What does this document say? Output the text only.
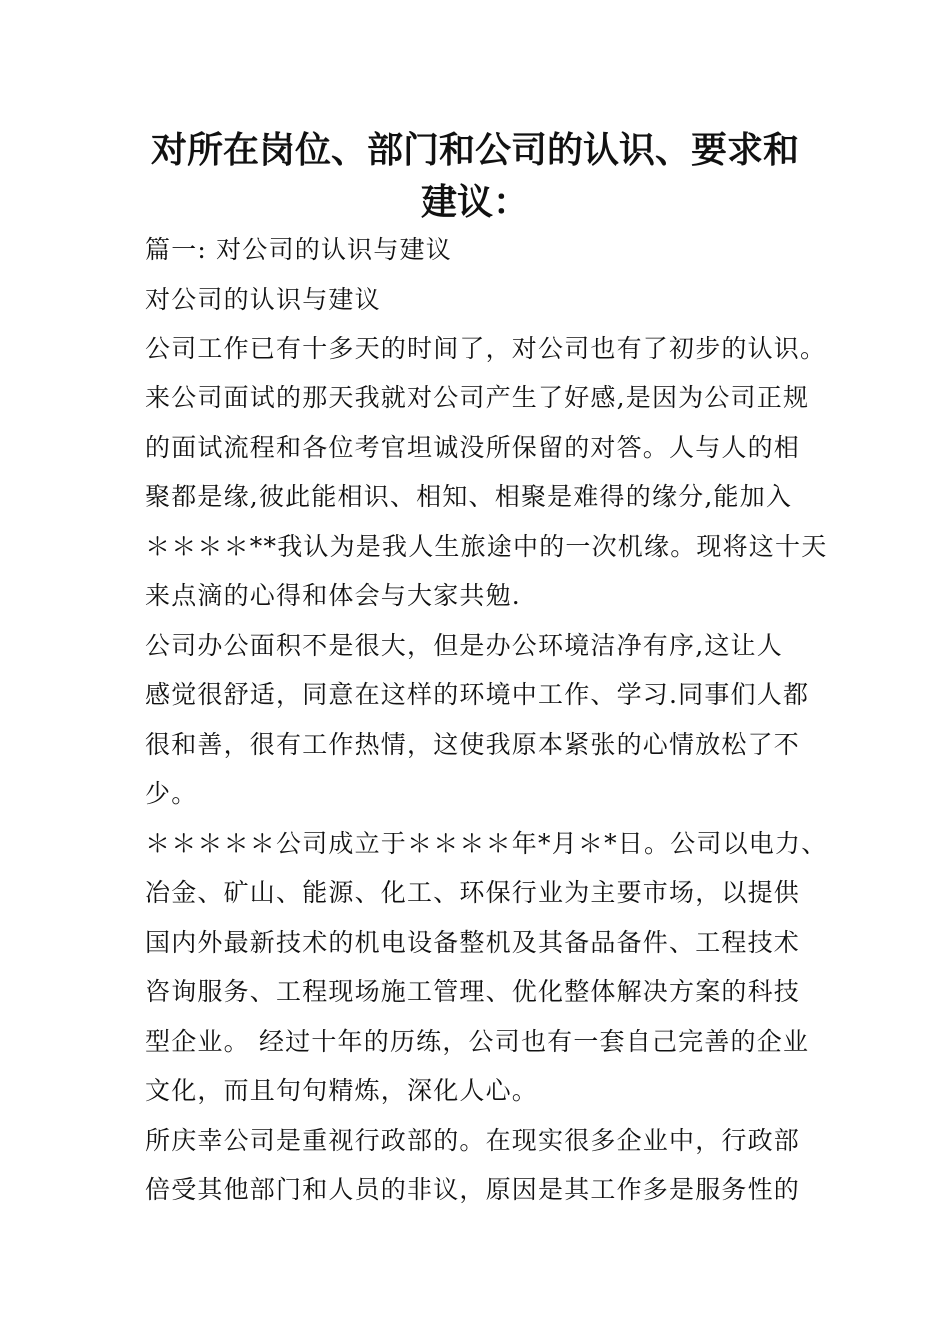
对所在岗位、部门和公司的认识、要求和
建议：

篇一: 对公司的认识与建议

对公司的认识与建议

公司工作已有十多天的时间了，对公司也有了初步的认识。

来公司面试的那天我就对公司产生了好感,是因为公司正规

的面试流程和各位考官坦诚没所保留的对答。人与人的相

聚都是缘,彼此能相识、相知、相聚是难得的缘分,能加入

＊＊＊＊**我认为是我人生旅途中的一次机缘。现将这十天

来点滴的心得和体会与大家共勉.

公司办公面积不是很大，但是办公环境洁净有序,这让人

感觉很舒适，同意在这样的环境中工作、学习.同事们人都

很和善，很有工作热情，这使我原本紧张的心情放松了不

少。

＊＊＊＊＊公司成立于＊＊＊＊年*月＊*日。公司以电力、

冶金、矿山、能源、化工、环保行业为主要市场，以提供

国内外最新技术的机电设备整机及其备品备件、工程技术

咨询服务、工程现场施工管理、优化整体解决方案的科技

型企业。 经过十年的历练，公司也有一套自己完善的企业

文化，而且句句精炼，深化人心。

所庆幸公司是重视行政部的。在现实很多企业中，行政部

倍受其他部门和人员的非议，原因是其工作多是服务性的
